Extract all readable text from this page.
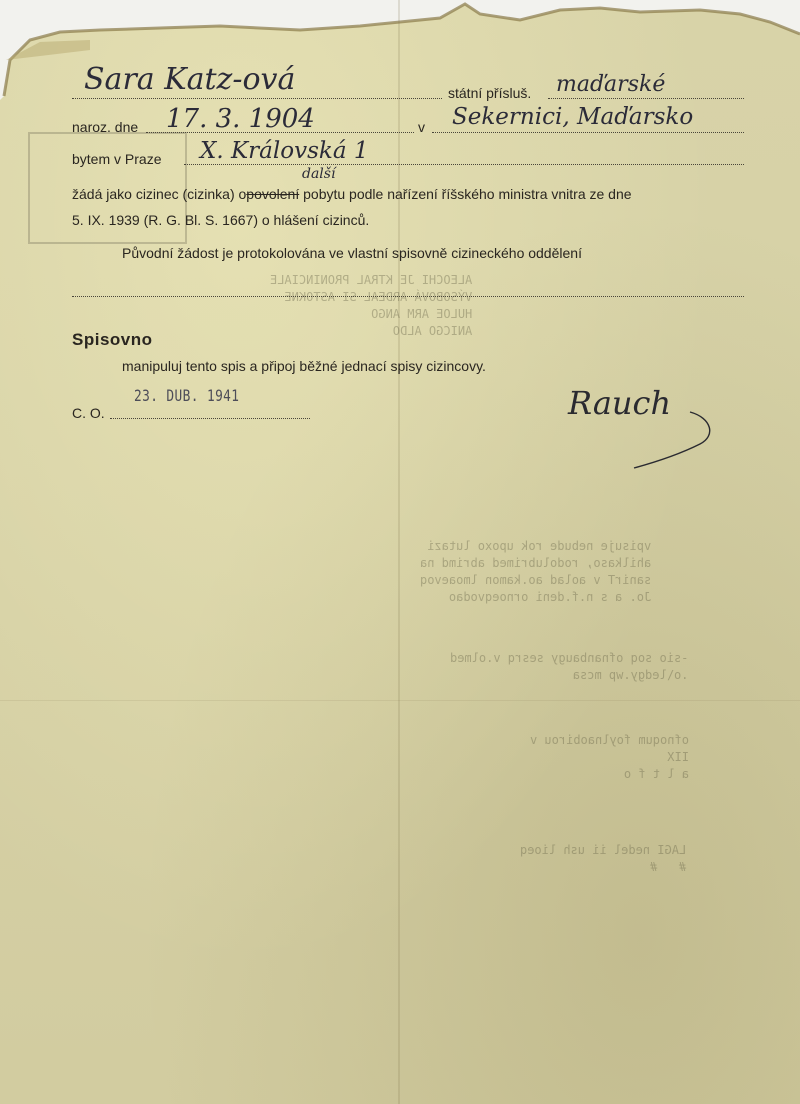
ALEOCHI JE KTRAL PRONINCIALE
VÝSOBOVÁ ARDEAL SI ASTOKNE
HULOE ARM ANGO
ANICGO ALDO
vpisuje nebude rok upoxo lutazi
ahilkaso, rodolubrimed abrimd na
sanirT v aolad ao.kamon lmoaevoq
Jo. a s n.f.deni ornoeqvodao
-sio soq ofnanbaugy sesrq v.olmed
.o\ledgy.wp mcsa
ofnoqum foylnaobirou v
IIX
a l t f o
LAGI nedel ii ush lioeq
#   #
Sara Katz-ová	státní přísluš. maďarské
naroz. dne 17. 3. 1904	v Sekernici, Maďarsko
bytem v Praze X. Královská 1
další
žádá jako cizinec (cizinka) opovolení pobytu podle nařízení říšského ministra vnitra ze dne
5. IX. 1939 (R. G. Bl. S. 1667) o hlášení cizinců.
Původní žádost je protokolována ve vlastní spisovně cizineckého oddělení
Spisovno
manipuluj tento spis a připoj běžné jednací spisy cizincovy.
C. O.
23. DUB. 1941	Rauch
